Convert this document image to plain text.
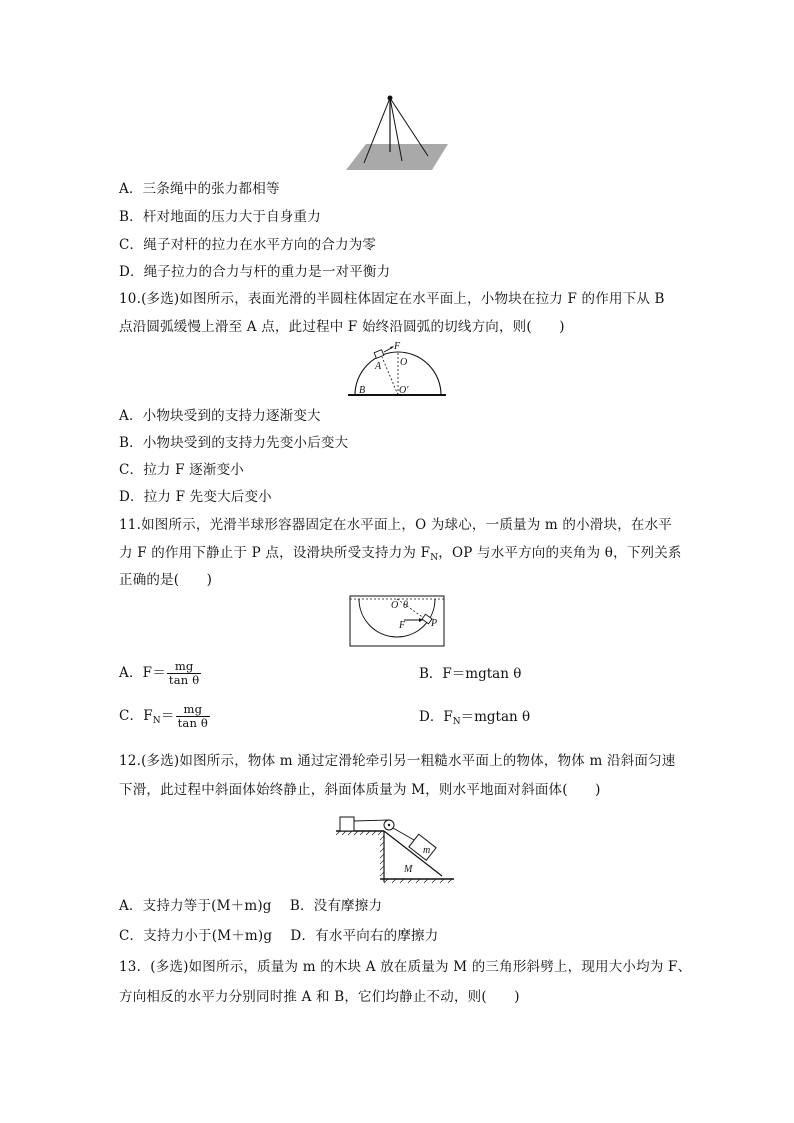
A．三条绳中的张力都相等
B．杆对地面的压力大于自身重力
C．绳子对杆的拉力在水平方向的合力为零
D．绳子拉力的合力与杆的重力是一对平衡力
10.(多选)如图所示，表面光滑的半圆柱体固定在水平面上，小物块在拉力 F 的作用下从 B
点沿圆弧缓慢上滑至 A 点，此过程中 F 始终沿圆弧的切线方向，则(　　)
F
O
A
B	O′
A．小物块受到的支持力逐渐变大
B．小物块受到的支持力先变小后变大
C．拉力 F 逐渐变小
D．拉力 F 先变大后变小
11.如图所示，光滑半球形容器固定在水平面上，O 为球心，一质量为 m 的小滑块，在水平
力 F 的作用下静止于 P 点，设滑块所受支持力为 $F_N$，OP 与水平方向的夹角为 θ，下列关系
正确的是(　　)
O θ
F	P
A．$F= \frac{mg}{\text{tan θ}}$	B．F＝mgtan θ
C．$F_N= \frac{mg}{\text{tan θ}}$	D．$F_N=mgtan$ θ
12.(多选)如图所示，物体 m 通过定滑轮牵引另一粗糙水平面上的物体，物体 m 沿斜面匀速
下滑，此过程中斜面体始终静止，斜面体质量为 M，则水平地面对斜面体(　　)
m
M
A．支持力等于(M＋m)g　 B．没有摩擦力
C．支持力小于(M＋m)g　 D．有水平向右的摩擦力
13．(多选)如图所示，质量为 m 的木块 A 放在质量为 M 的三角形斜劈上，现用大小均为 F、
方向相反的水平力分别同时推 A 和 B，它们均静止不动，则(　　)
